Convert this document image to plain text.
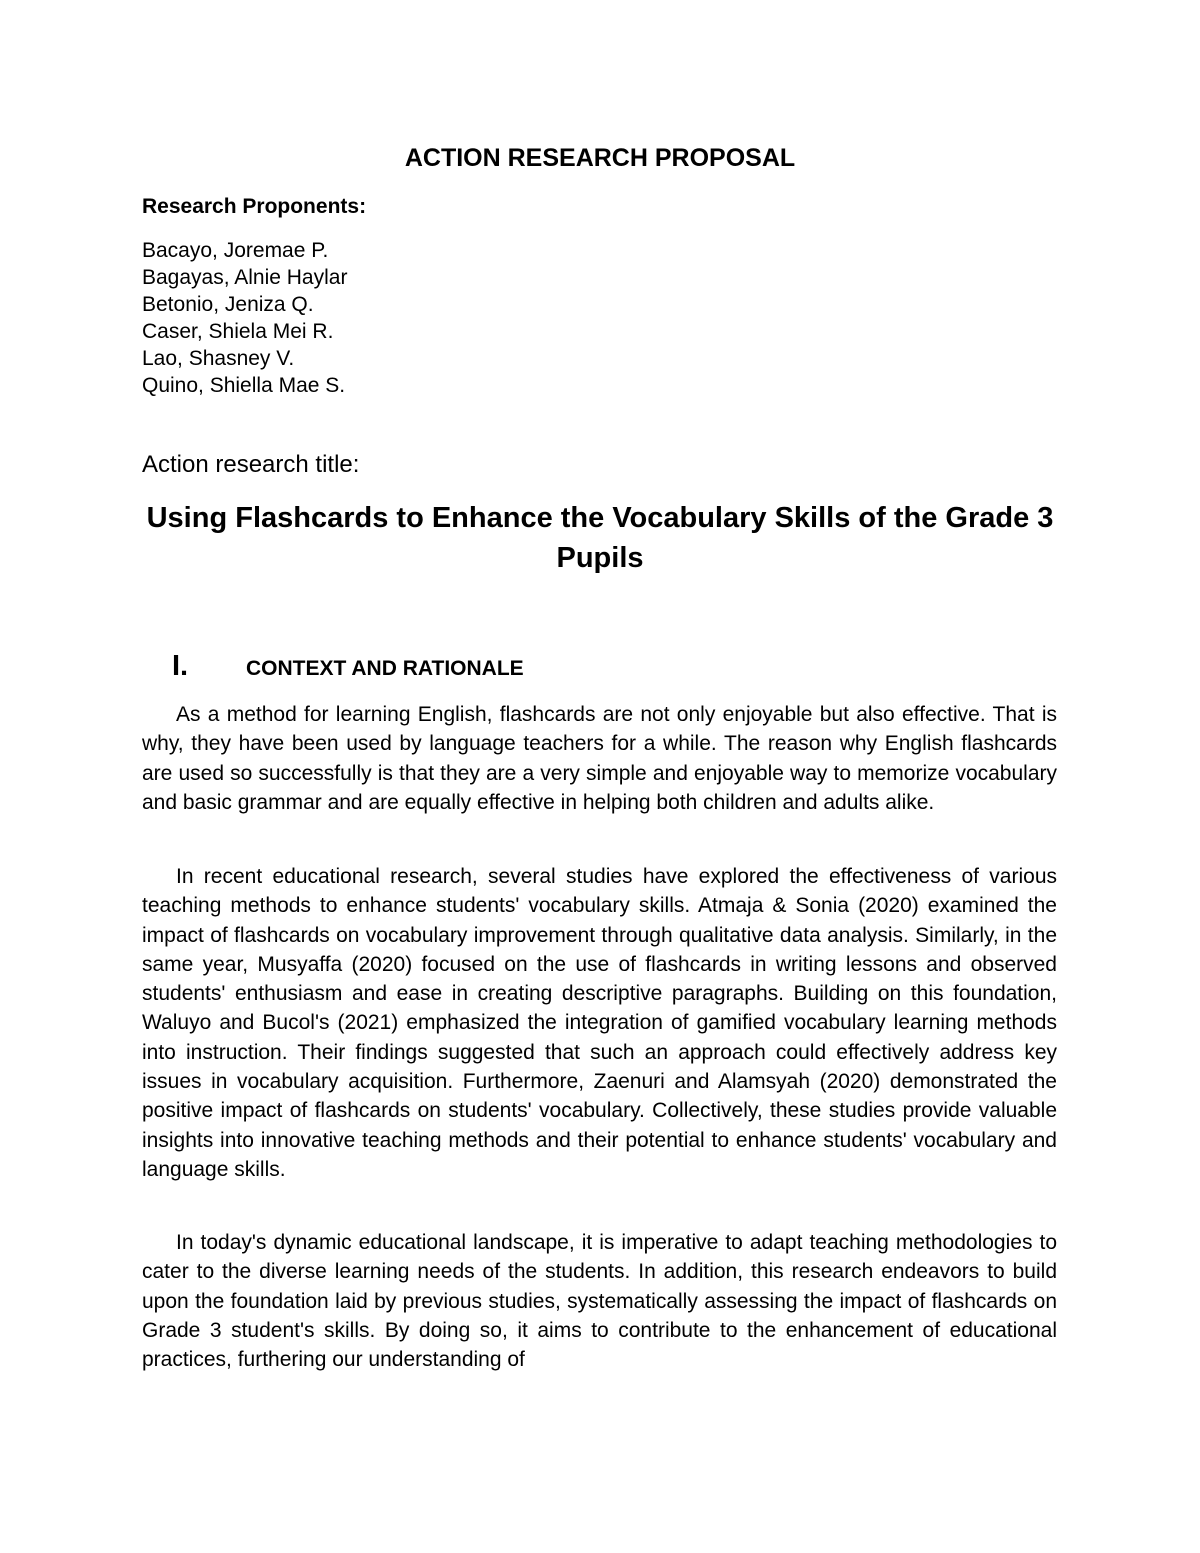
ACTION RESEARCH PROPOSAL

Research Proponents:

Bacayo, Joremae P.
Bagayas, Alnie Haylar
Betonio, Jeniza Q.
Caser, Shiela Mei R.
Lao, Shasney V.
Quino, Shiella Mae S.

Action research title:

Using Flashcards to Enhance the Vocabulary Skills of the Grade 3 Pupils
I.	CONTEXT AND RATIONALE

As a method for learning English, flashcards are not only enjoyable but also effective. That is why, they have been used by language teachers for a while. The reason why English flashcards are used so successfully is that they are a very simple and enjoyable way to memorize vocabulary and basic grammar and are equally effective in helping both children and adults alike.

In recent educational research, several studies have explored the effectiveness of various teaching methods to enhance students' vocabulary skills. Atmaja & Sonia (2020) examined the impact of flashcards on vocabulary improvement through qualitative data analysis. Similarly, in the same year, Musyaffa (2020) focused on the use of flashcards in writing lessons and observed students' enthusiasm and ease in creating descriptive paragraphs. Building on this foundation, Waluyo and Bucol's (2021) emphasized the integration of gamified vocabulary learning methods into instruction. Their findings suggested that such an approach could effectively address key issues in vocabulary acquisition. Furthermore, Zaenuri and Alamsyah (2020) demonstrated the positive impact of flashcards on students' vocabulary. Collectively, these studies provide valuable insights into innovative teaching methods and their potential to enhance students' vocabulary and language skills.

In today's dynamic educational landscape, it is imperative to adapt teaching methodologies to cater to the diverse learning needs of the students. In addition, this research endeavors to build upon the foundation laid by previous studies, systematically assessing the impact of flashcards on Grade 3 student's skills. By doing so, it aims to contribute to the enhancement of educational practices, furthering our understanding of
